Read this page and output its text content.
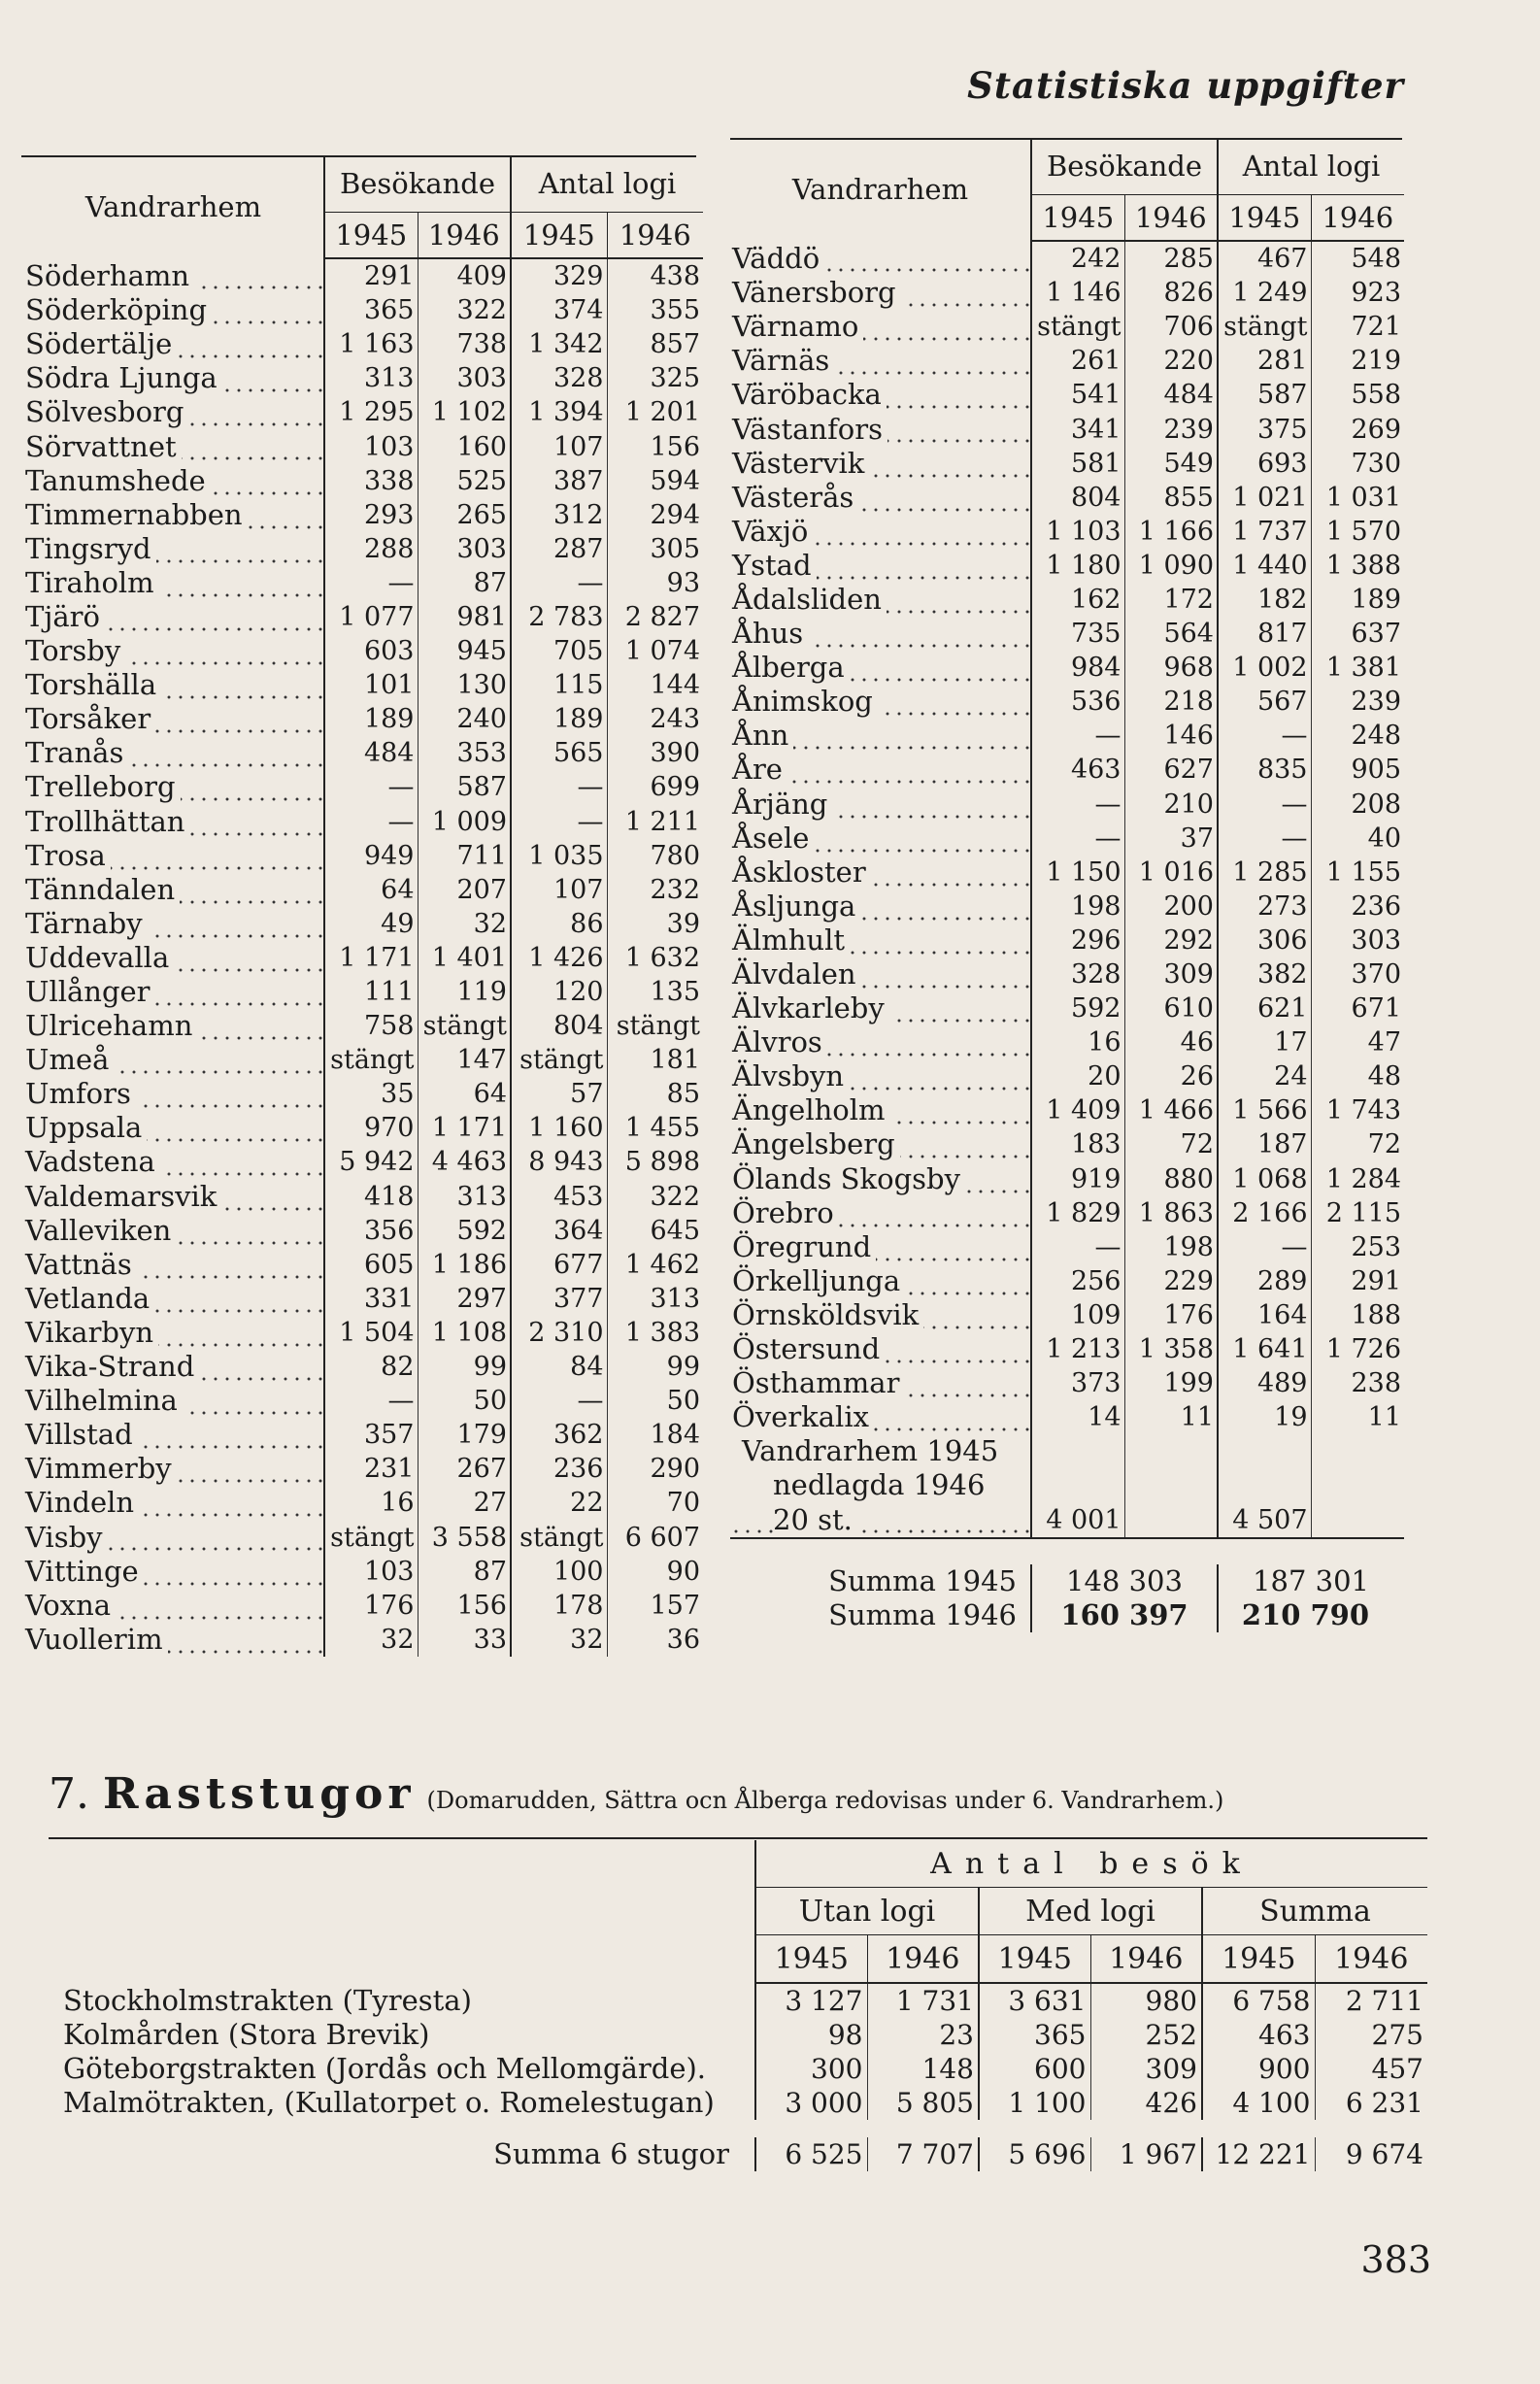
Statistiska uppgifter
Vandrarhem	Besökande		Antal logi	
	1945	1946	1945	1946
Söderhamn	291	409	329	438
Söderköping	365	322	374	355
Södertälje	1 163	738	1 342	857
Södra Ljunga	313	303	328	325
Sölvesborg	1 295	1 102	1 394	1 201
Sörvattnet	103	160	107	156
Tanumshede	338	525	387	594
Timmernabben	293	265	312	294
Tingsryd	288	303	287	305
Tiraholm	—	87	—	93
Tjärö	1 077	981	2 783	2 827
Torsby	603	945	705	1 074
Torshälla	101	130	115	144
Torsåker	189	240	189	243
Tranås	484	353	565	390
Trelleborg	—	587	—	699
Trollhättan	—	1 009	—	1 211
Trosa	949	711	1 035	780
Tänndalen	64	207	107	232
Tärnaby	49	32	86	39
Uddevalla	1 171	1 401	1 426	1 632
Ullånger	111	119	120	135
Ulricehamn	758	stängt	804	stängt
Umeå	stängt	147	stängt	181
Umfors	35	64	57	85
Uppsala	970	1 171	1 160	1 455
Vadstena	5 942	4 463	8 943	5 898
Valdemarsvik	418	313	453	322
Valleviken	356	592	364	645
Vattnäs	605	1 186	677	1 462
Vetlanda	331	297	377	313
Vikarbyn	1 504	1 108	2 310	1 383
Vika-Strand	82	99	84	99
Vilhelmina	—	50	—	50
Villstad	357	179	362	184
Vimmerby	231	267	236	290
Vindeln	16	27	22	70
Visby	stängt	3 558	stängt	6 607
Vittinge	103	87	100	90
Voxna	176	156	178	157
Vuollerim	32	33	32	36
Vandrarhem	Besökande		Antal logi	
	1945	1946	1945	1946
Väddö	242	285	467	548
Vänersborg	1 146	826	1 249	923
Värnamo	stängt	706	stängt	721
Värnäs	261	220	281	219
Väröbacka	541	484	587	558
Västanfors	341	239	375	269
Västervik	581	549	693	730
Västerås	804	855	1 021	1 031
Växjö	1 103	1 166	1 737	1 570
Ystad	1 180	1 090	1 440	1 388
Ådalsliden	162	172	182	189
Åhus	735	564	817	637
Ålberga	984	968	1 002	1 381
Ånimskog	536	218	567	239
Ånn	—	146	—	248
Åre	463	627	835	905
Årjäng	—	210	—	208
Åsele	—	37	—	40
Åskloster	1 150	1 016	1 285	1 155
Åsljunga	198	200	273	236
Älmhult	296	292	306	303
Älvdalen	328	309	382	370
Älvkarleby	592	610	621	671
Älvros	16	46	17	47
Älvsbyn	20	26	24	48
Ängelholm	1 409	1 466	1 566	1 743
Ängelsberg	183	72	187	72
Ölands Skogsby	919	880	1 068	1 284
Örebro	1 829	1 863	2 166	2 115
Öregrund	—	198	—	253
Örkelljunga	256	229	289	291
Örnsköldsvik	109	176	164	188
Östersund	1 213	1 358	1 641	1 726
Östhammar	373	199	489	238
Överkalix	14	11	19	11
Vandrarhem 1945				
nedlagda 1946				
20 st.	4 001		4 507	

Summa 1945	148 303		187 301	
Summa 1946	160 397		210 790	
7. Raststugor (Domarudden, Sättra ocn Ålberga redovisas under 6. Vandrarhem.)
	Antal besök					
	Utan logi		Med logi		Summa	
	1945	1946	1945	1946	1945	1946
Stockholmstrakten (Tyresta)	3 127	1 731	3 631	980	6 758	2 711
Kolmården (Stora Brevik)	98	23	365	252	463	275
Göteborgstrakten (Jordås och Mellomgärde).	300	148	600	309	900	457
Malmötrakten, (Kullatorpet o. Romelestugan)	3 000	5 805	1 100	426	4 100	6 231

Summa 6 stugor	6 525	7 707	5 696	1 967	12 221	9 674
383
